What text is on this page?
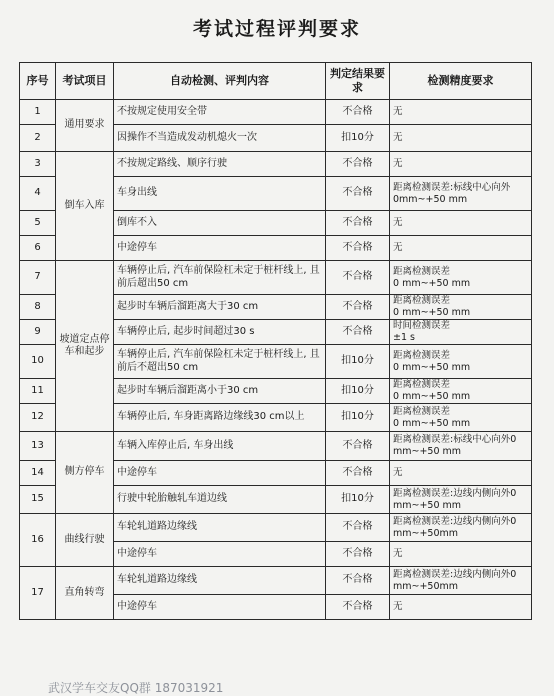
考试过程评判要求
序号	考试项目	自动检测、评判内容	判定结果要求	检测精度要求
1	通用要求	不按规定使用安全带	不合格	无
2		因操作不当造成发动机熄火一次	扣10分	无
3	倒车入库	不按规定路线、顺序行驶	不合格	无
4		车身出线	不合格	距离检测误差:标线中心向外0mm~+50 mm
5		倒库不入	不合格	无
6		中途停车	不合格	无
7	坡道定点停车和起步	车辆停止后, 汽车前保险杠未定于桩杆线上, 且前后超出50 cm	不合格	距离检测误差
0 mm~+50 mm
8		起步时车辆后溜距离大于30 cm	不合格	距离检测误差
0 mm~+50 mm
9		车辆停止后, 起步时间超过30 s	不合格	时间检测误差
±1 s
10		车辆停止后, 汽车前保险杠未定于桩杆线上, 且前后不超出50 cm	扣10分	距离检测误差
0 mm~+50 mm
11		起步时车辆后溜距离小于30 cm	扣10分	距离检测误差
0 mm~+50 mm
12		车辆停止后, 车身距离路边缘线30 cm以上	扣10分	距离检测误差
0 mm~+50 mm
13	侧方停车	车辆入库停止后, 车身出线	不合格	距离检测误差:标线中心向外0 mm~+50 mm
14		中途停车	不合格	无
15		行驶中轮胎触轧车道边线	扣10分	距离检测误差:边线内侧向外0 mm~+50 mm
16	曲线行驶	车轮轧道路边缘线	不合格	距离检测误差:边线内侧向外0 mm~+50mm
		中途停车	不合格	无
17	直角转弯	车轮轧道路边缘线	不合格	距离检测误差:边线内侧向外0 mm~+50mm
		中途停车	不合格	无
武汉学车交友QQ群 187031921
